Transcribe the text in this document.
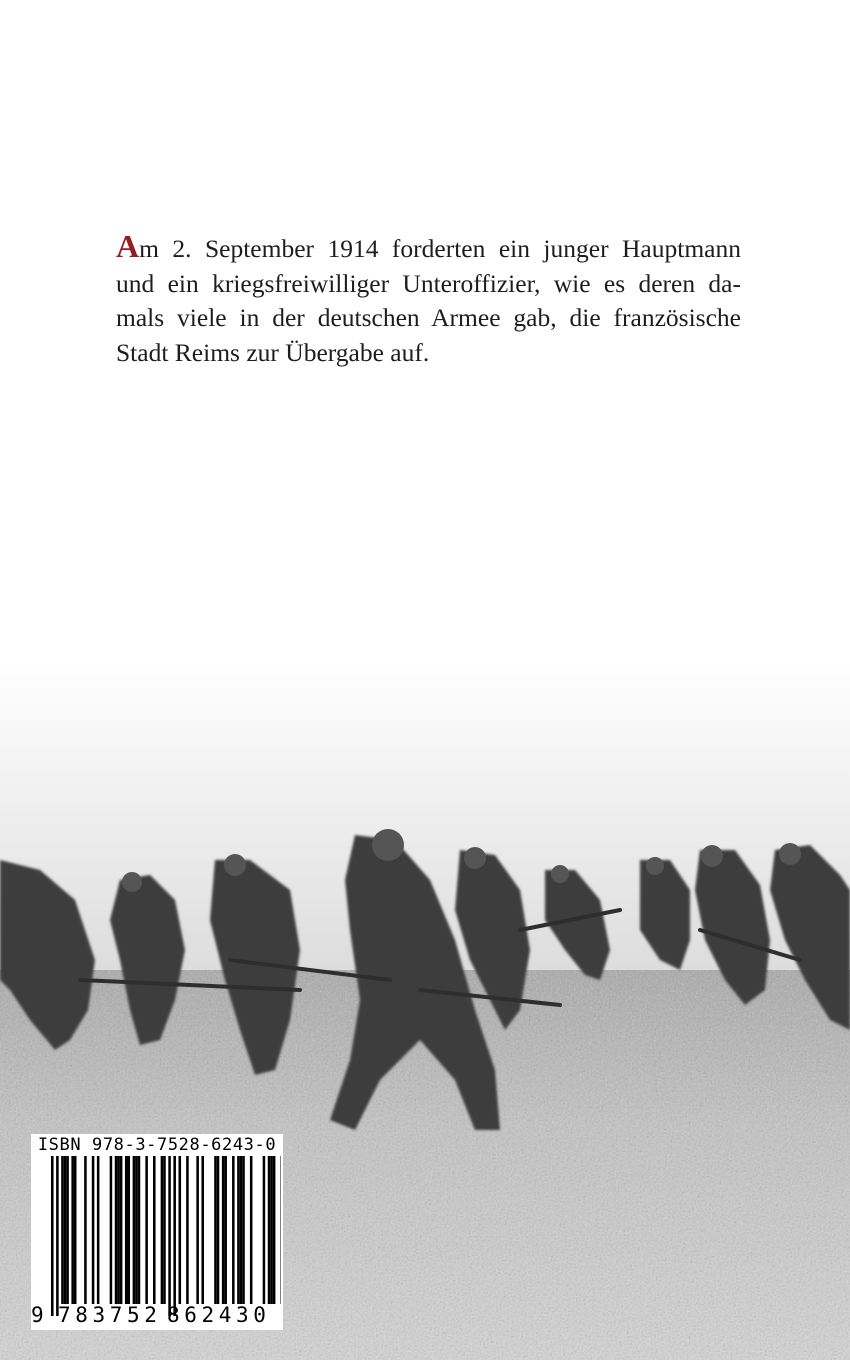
Am 2. September 1914 forderten ein junger Hauptmann
und ein kriegsfreiwilliger Unteroffizier, wie es deren da-
mals viele in der deutschen Armee gab, die französische
Stadt Reims zur Übergabe auf.

ISBN 978-3-7528-6243-0
9 783752 862430
